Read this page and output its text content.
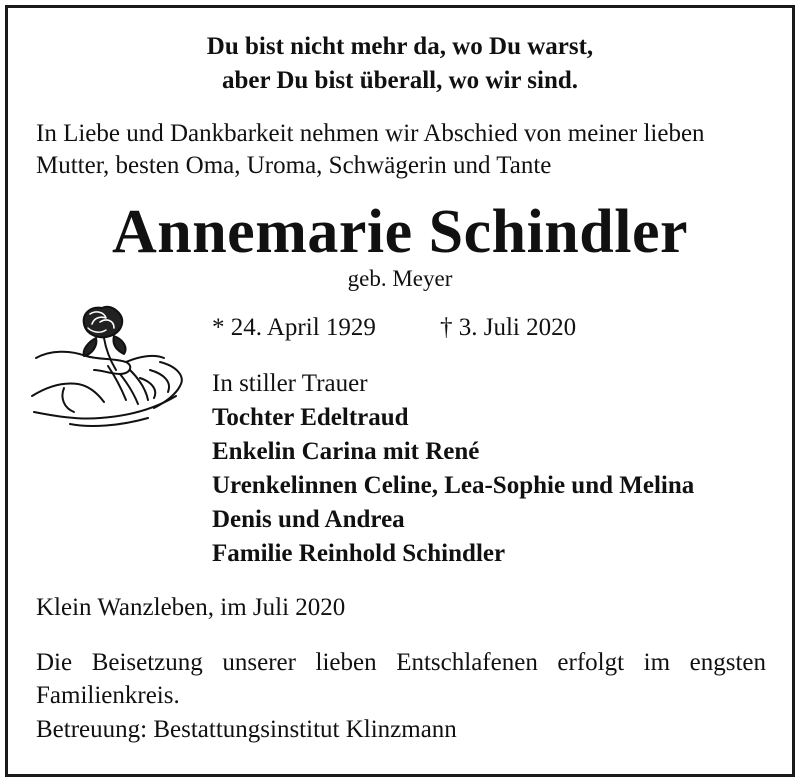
Du bist nicht mehr da, wo Du warst,
aber Du bist überall, wo wir sind.
In Liebe und Dankbarkeit nehmen wir Abschied von meiner lieben
Mutter, besten Oma, Uroma, Schwägerin und Tante
Annemarie Schindler
geb. Meyer
* 24. April 1929	† 3. Juli 2020
In stiller Trauer
Tochter Edeltraud
Enkelin Carina mit René
Urenkelinnen Celine, Lea-Sophie und Melina
Denis und Andrea
Familie Reinhold Schindler
Klein Wanzleben, im Juli 2020
Die Beisetzung unserer lieben Entschlafenen erfolgt im engsten
Familienkreis.
Betreuung: Bestattungsinstitut Klinzmann
